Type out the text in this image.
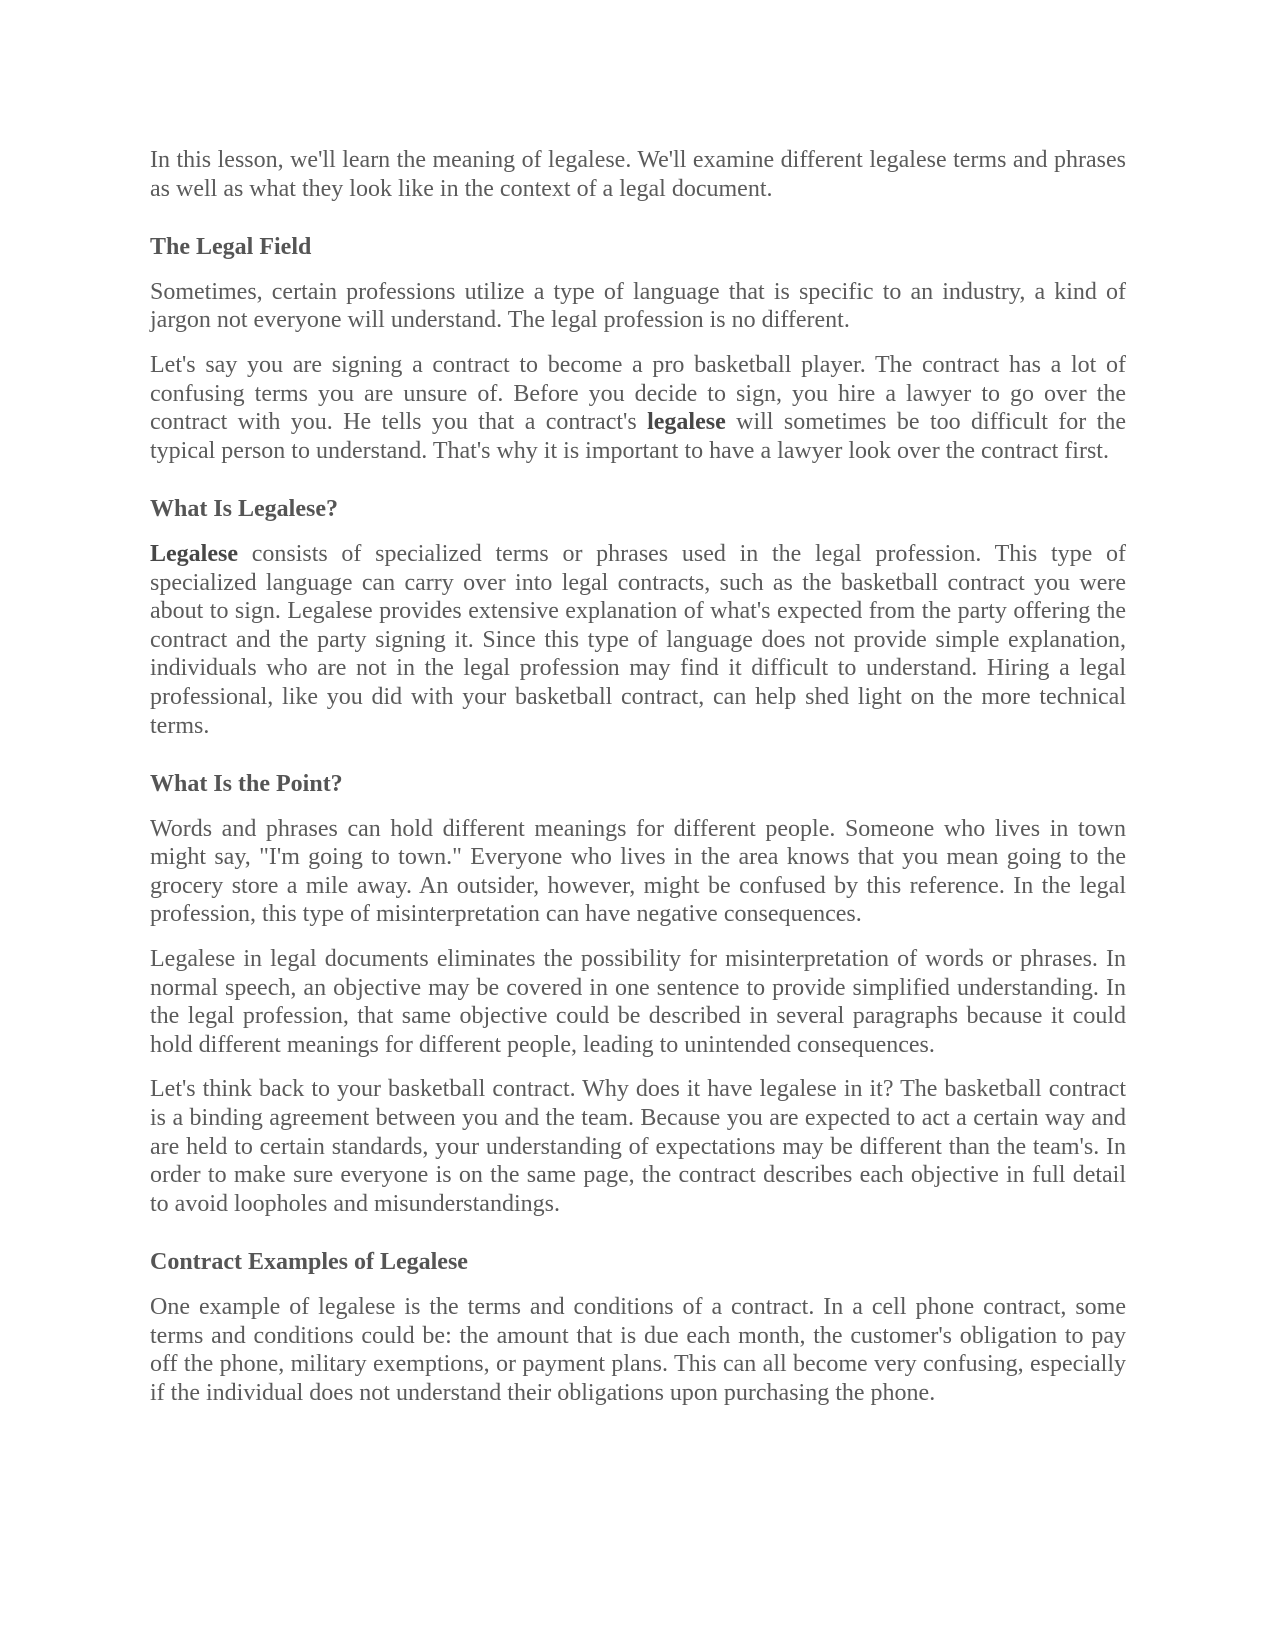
In this lesson, we'll learn the meaning of legalese. We'll examine different legalese terms and phrases as well as what they look like in the context of a legal document.

The Legal Field

Sometimes, certain professions utilize a type of language that is specific to an industry, a kind of jargon not everyone will understand. The legal profession is no different.

Let's say you are signing a contract to become a pro basketball player. The contract has a lot of confusing terms you are unsure of. Before you decide to sign, you hire a lawyer to go over the contract with you. He tells you that a contract's legalese will sometimes be too difficult for the typical person to understand. That's why it is important to have a lawyer look over the contract first.

What Is Legalese?

Legalese consists of specialized terms or phrases used in the legal profession. This type of specialized language can carry over into legal contracts, such as the basketball contract you were about to sign. Legalese provides extensive explanation of what's expected from the party offering the contract and the party signing it. Since this type of language does not provide simple explanation, individuals who are not in the legal profession may find it difficult to understand. Hiring a legal professional, like you did with your basketball contract, can help shed light on the more technical terms.

What Is the Point?

Words and phrases can hold different meanings for different people. Someone who lives in town might say, "I'm going to town." Everyone who lives in the area knows that you mean going to the grocery store a mile away. An outsider, however, might be confused by this reference. In the legal profession, this type of misinterpretation can have negative consequences.

Legalese in legal documents eliminates the possibility for misinterpretation of words or phrases. In normal speech, an objective may be covered in one sentence to provide simplified understanding. In the legal profession, that same objective could be described in several paragraphs because it could hold different meanings for different people, leading to unintended consequences.

Let's think back to your basketball contract. Why does it have legalese in it? The basketball contract is a binding agreement between you and the team. Because you are expected to act a certain way and are held to certain standards, your understanding of expectations may be different than the team's. In order to make sure everyone is on the same page, the contract describes each objective in full detail to avoid loopholes and misunderstandings.

Contract Examples of Legalese

One example of legalese is the terms and conditions of a contract. In a cell phone contract, some terms and conditions could be: the amount that is due each month, the customer's obligation to pay off the phone, military exemptions, or payment plans. This can all become very confusing, especially if the individual does not understand their obligations upon purchasing the phone.
